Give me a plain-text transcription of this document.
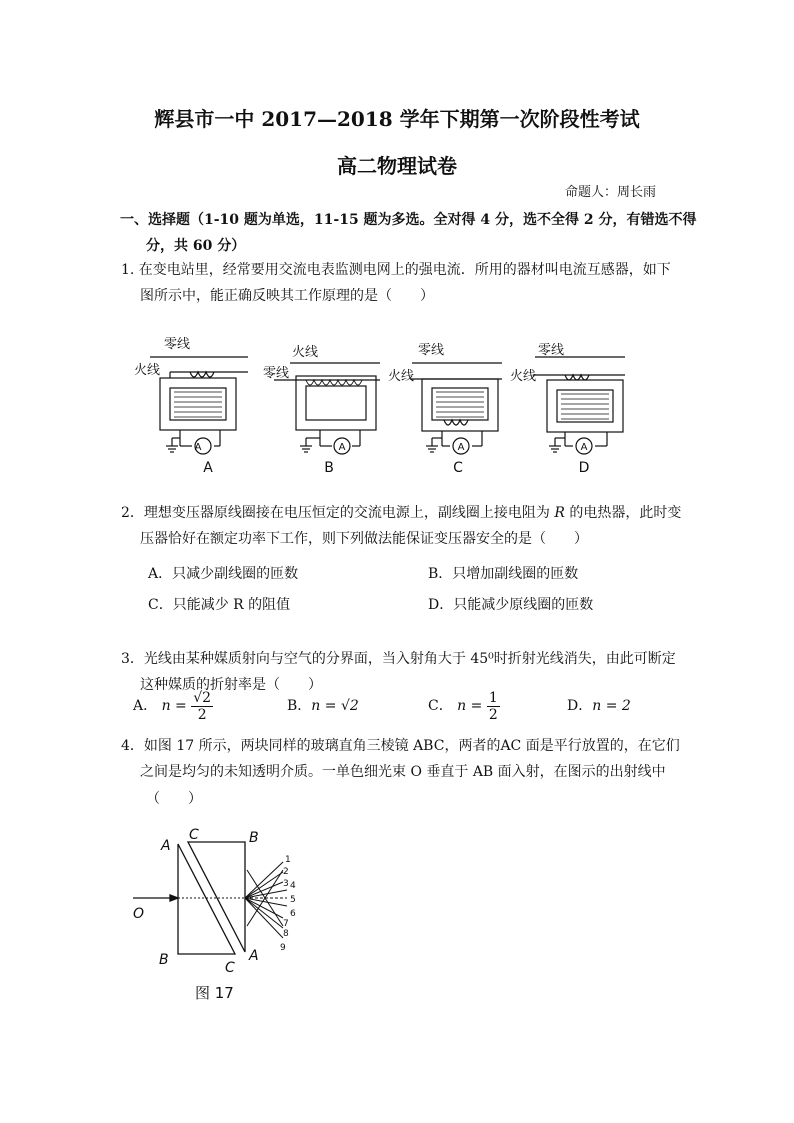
辉县市一中 2017—2018 学年下期第一次阶段性考试
高二物理试卷
命题人：周长雨
一、选择题（1-10 题为单选，11-15 题为多选。全对得 4 分，选不全得 2 分，有错选不得
分，共 60 分）
1. 在变电站里，经常要用交流电表监测电网上的强电流．所用的器材叫电流互感器，如下
图所示中，能正确反映其工作原理的是（　　）
零线
火线
A
火线
零线
A
零线
火线
A
零线
火线
A
A	B	C	D
2．理想变压器原线圈接在电压恒定的交流电源上，副线圈上接电阻为 R 的电热器，此时变
压器恰好在额定功率下工作，则下列做法能保证变压器安全的是（　　）
A．只减少副线圈的匝数	B．只增加副线圈的匝数
C．只能减少 R 的阻值	D．只能减少原线圈的匝数
3．光线由某种媒质射向与空气的分界面，当入射角大于 45⁰时折射光线消失，由此可断定
这种媒质的折射率是（　　）
A． $n = \frac{√2}{2}$	B．n = √2	C． $n = \frac{1}{2}$	D．n = 2
4．如图 17 所示，两块同样的玻璃直角三棱镜 ABC，两者的AC 面是平行放置的，在它们
之间是均匀的未知透明介质。一单色细光束 O 垂直于 AB 面入射，在图示的出射线中
（　　）
A
C	B
O
B	C
A
1
2
3 4
5
6
7
8
9
图 17
